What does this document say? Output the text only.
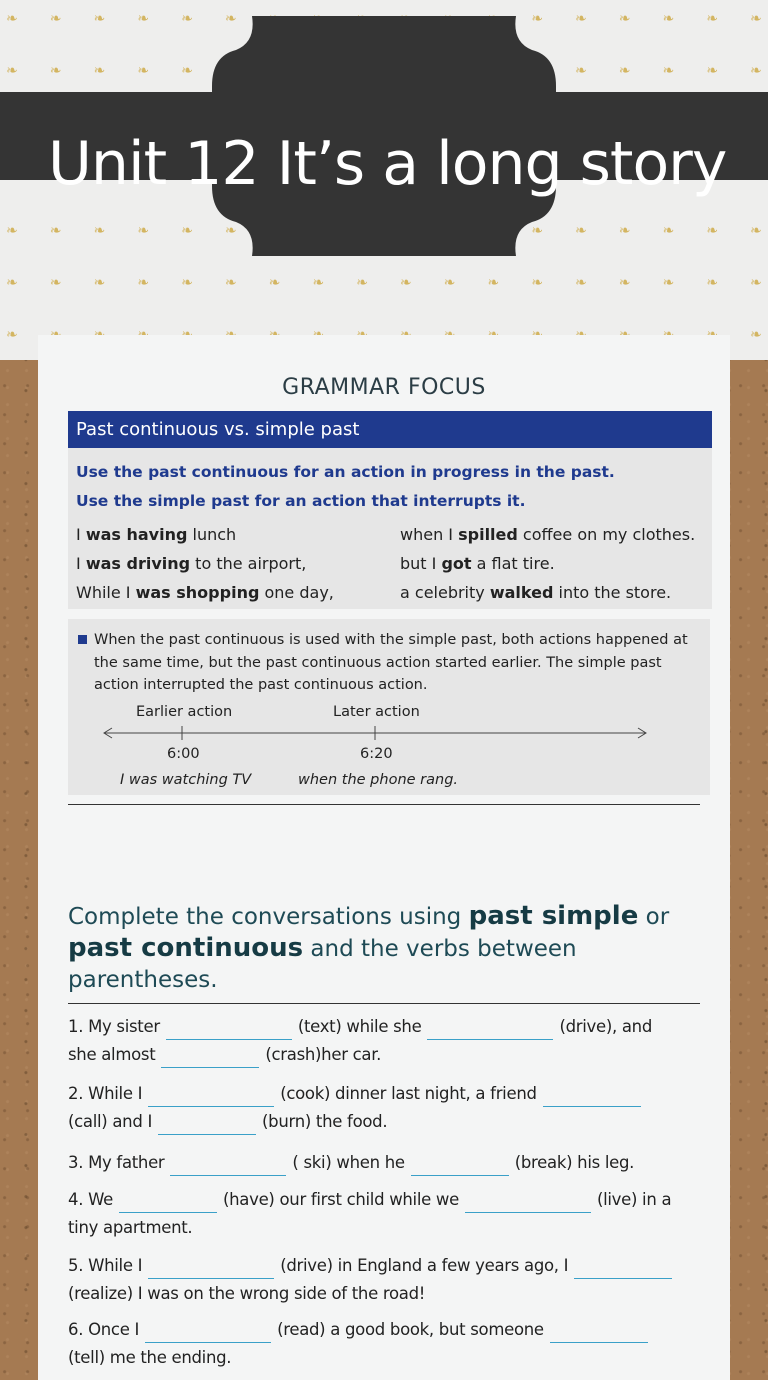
❧ ❧ ❧ ❧ ❧ ❧	❧ ❧ ❧ ❧ ❧ ❧
❧ ❧ ❧ ❧ ❧	❧ ❧ ❧ ❧ ❧
❧ ❧ ❧ ❧ ❧ ❧	❧ ❧ ❧ ❧ ❧ ❧
❧ ❧ ❧ ❧ ❧ ❧ ❧ ❧ ❧ ❧ ❧ ❧ ❧ ❧ ❧ ❧ ❧ ❧
❧	❧
Unit 12 It’s a long story
GRAMMAR FOCUS
Past continuous vs. simple past
Use the past continuous for an action in progress in the past.
Use the simple past for an action that interrupts it.
I was having lunch	when I spilled coffee on my clothes.
I was driving to the airport,	but I got a flat tire.
While I was shopping one day,	a celebrity walked into the store.
When the past continuous is used with the simple past, both actions happened at the same time, but the past continuous action started earlier. The simple past action interrupted the past continuous action.
Earlier action	Later action
6:00	6:20
I was watching TV	when the phone rang.
Complete the conversations using past simple or past continuous and the verbs between parentheses.
1. My sister	(text) while she	(drive), and
she almost	(crash)her car.
2. While I	(cook) dinner last night, a friend
(call) and I	(burn) the food.
3. My father	( ski) when he	(break) his leg.
4. We	(have) our first child while we	(live) in a
tiny apartment.
5. While I	(drive) in England a few years ago, I
(realize) I was on the wrong side of the road!
6. Once I	(read) a good book, but someone
(tell) me the ending.
